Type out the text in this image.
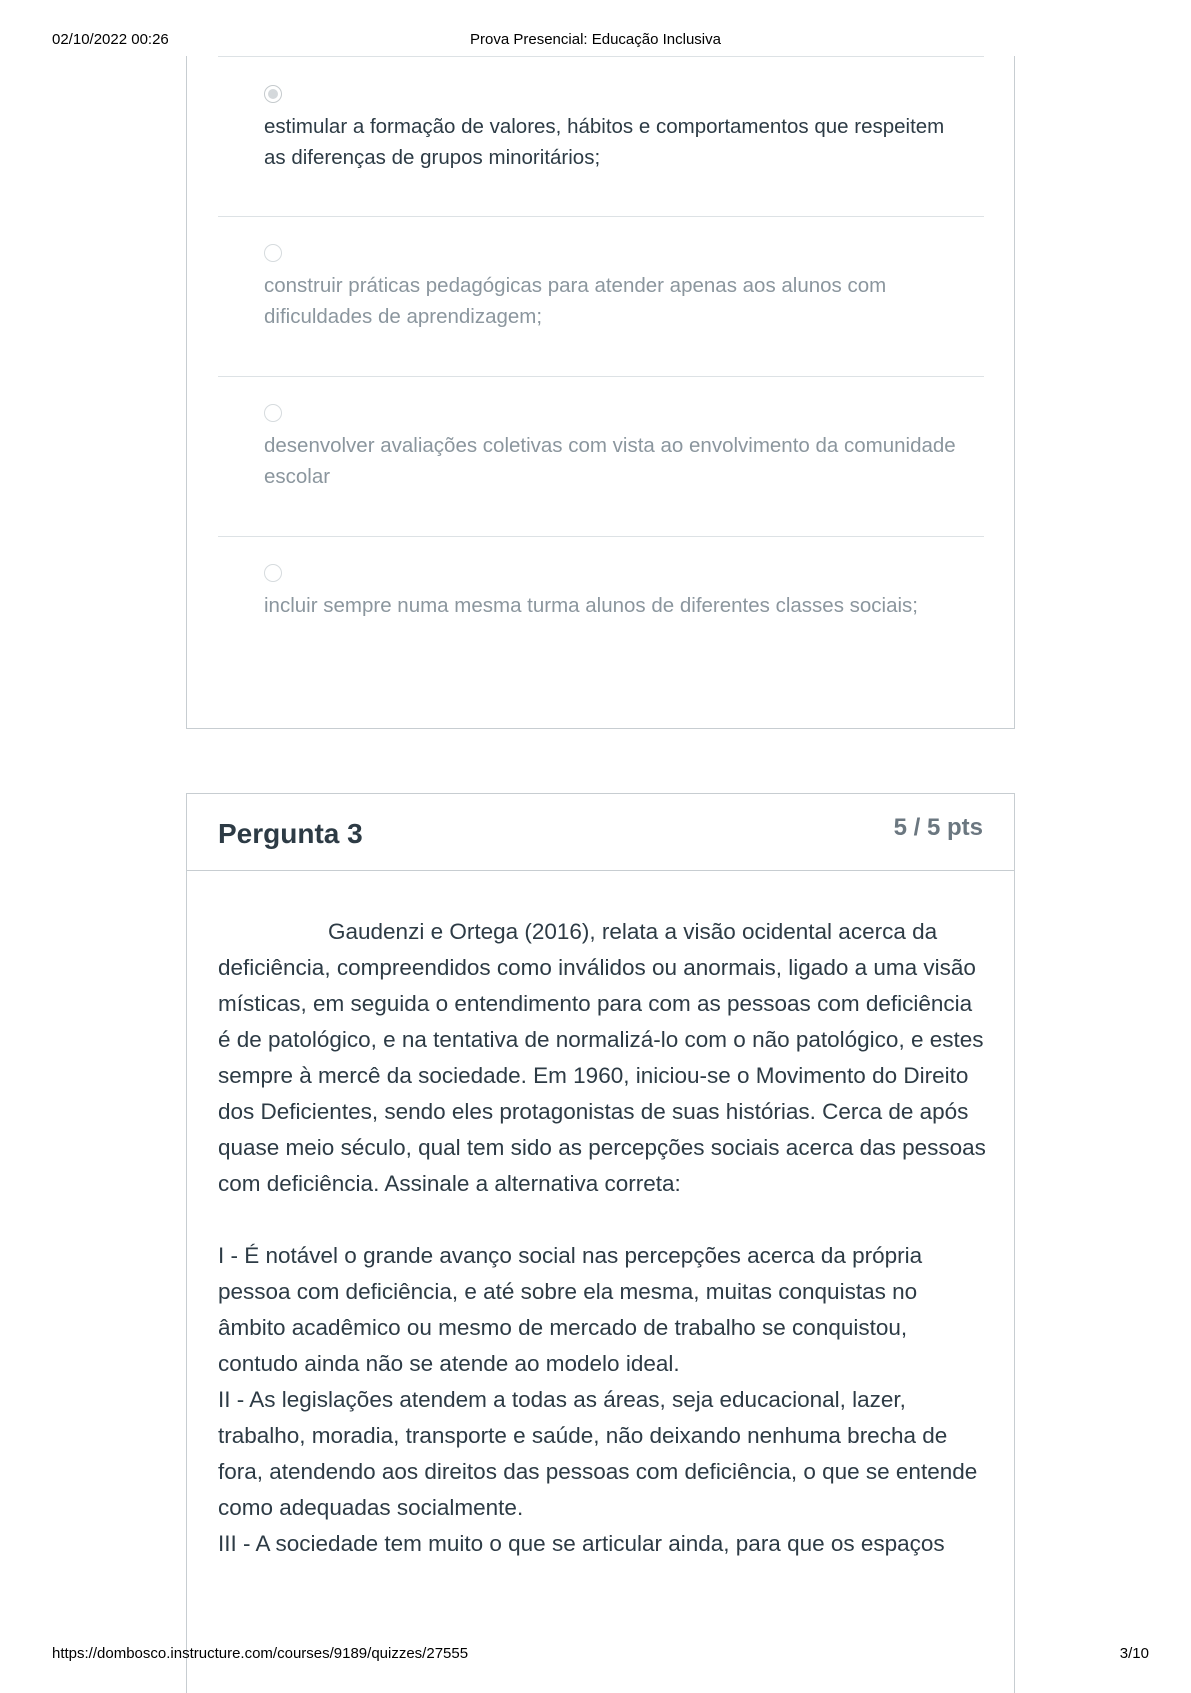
02/10/2022 00:26	Prova Presencial: Educação Inclusiva
estimular a formação de valores, hábitos e comportamentos que respeitem as diferenças de grupos minoritários;
construir práticas pedagógicas para atender apenas aos alunos com dificuldades de aprendizagem;
desenvolver avaliações coletivas com vista ao envolvimento da comunidade escolar
incluir sempre numa mesma turma alunos de diferentes classes sociais;
Pergunta 3	5 / 5 pts

Gaudenzi e Ortega (2016), relata a visão ocidental acerca da deficiência, compreendidos como inválidos ou anormais, ligado a uma visão místicas, em seguida o entendimento para com as pessoas com deficiência é de patológico, e na tentativa de normalizá-lo com o não patológico, e estes sempre à mercê da sociedade. Em 1960, iniciou-se o Movimento do Direito dos Deficientes, sendo eles protagonistas de suas histórias. Cerca de após quase meio século, qual tem sido as percepções sociais acerca das pessoas com deficiência. Assinale a alternativa correta:

I - É notável o grande avanço social nas percepções acerca da própria pessoa com deficiência, e até sobre ela mesma, muitas conquistas no âmbito acadêmico ou mesmo de mercado de trabalho se conquistou, contudo ainda não se atende ao modelo ideal.

II - As legislações atendem a todas as áreas, seja educacional, lazer, trabalho, moradia, transporte e saúde, não deixando nenhuma brecha de fora, atendendo aos direitos das pessoas com deficiência, o que se entende como adequadas socialmente.

III - A sociedade tem muito o que se articular ainda, para que os espaços

https://dombosco.instructure.com/courses/9189/quizzes/27555	3/10
